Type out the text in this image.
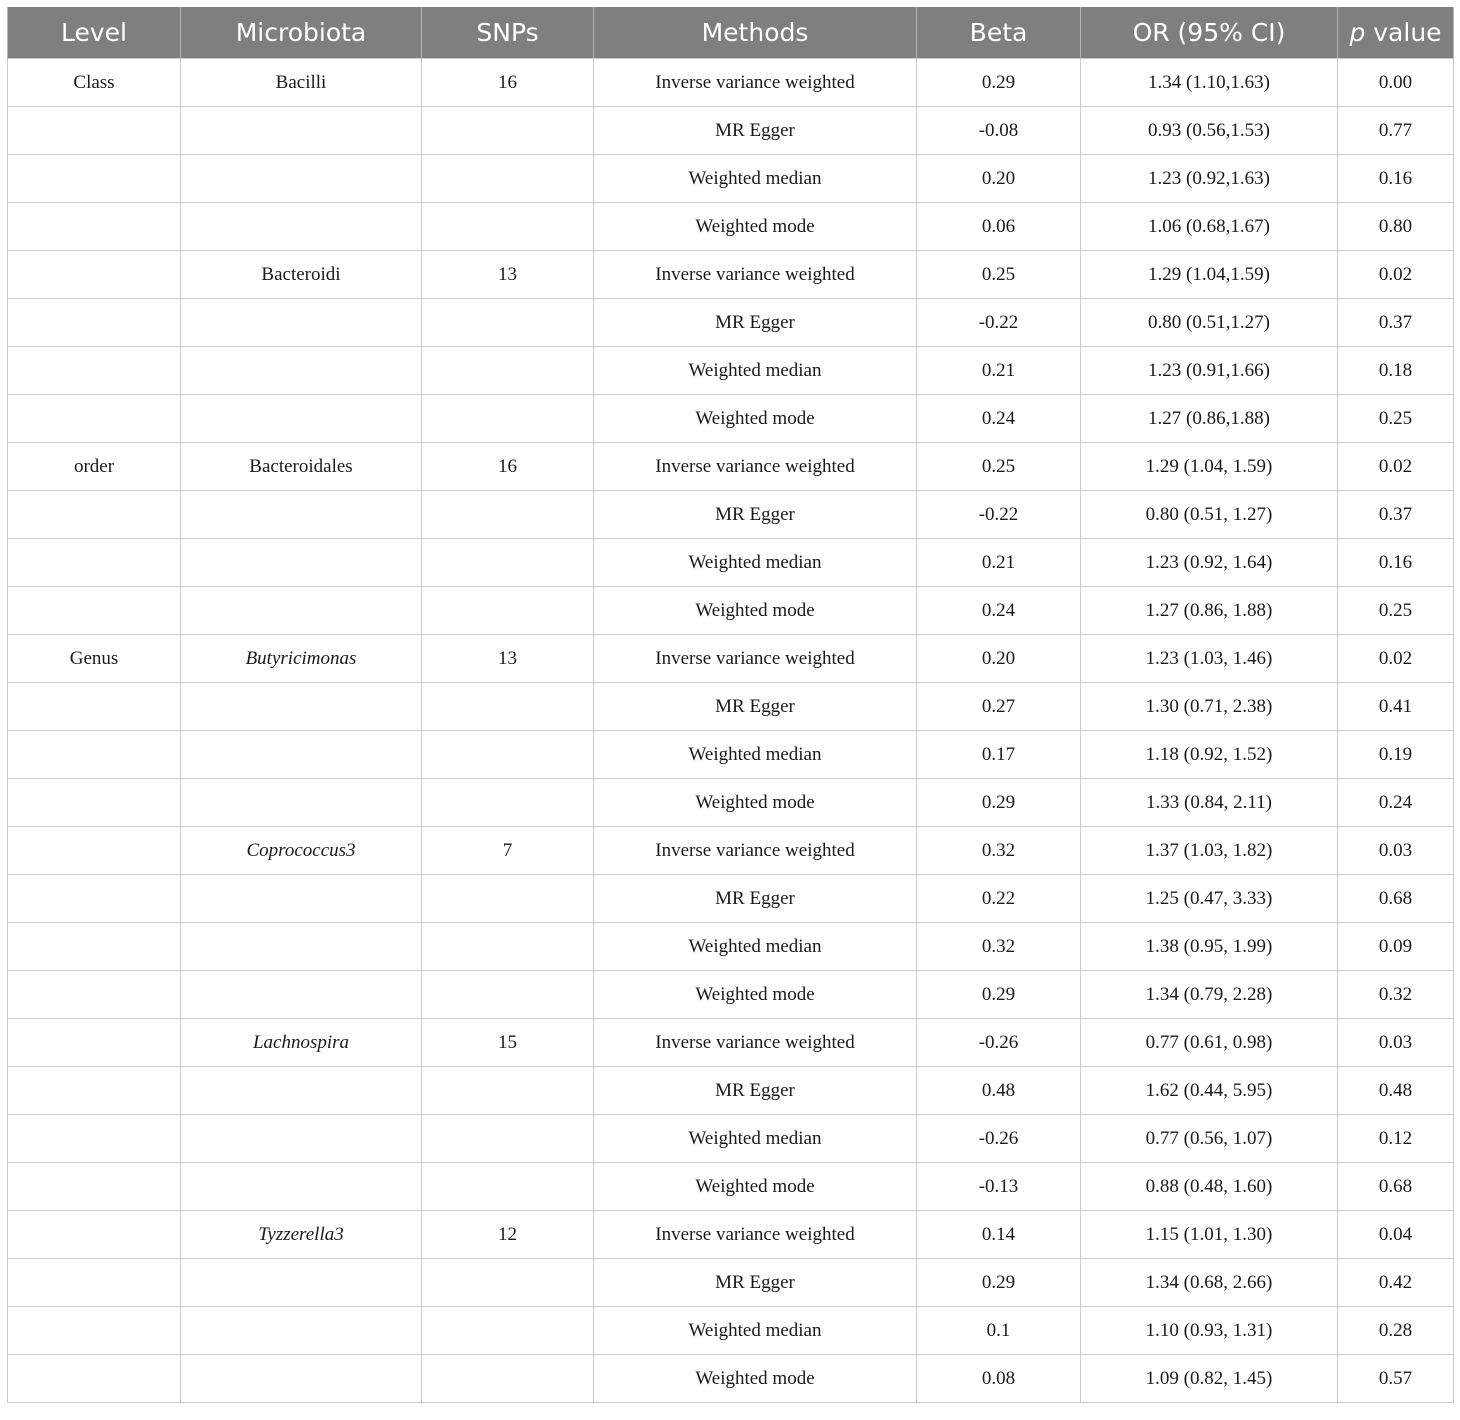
Level	Microbiota	SNPs	Methods	Beta	OR (95% CI)	p value
Class	Bacilli	16	Inverse variance weighted	0.29	1.34 (1.10,1.63)	0.00
			MR Egger	-0.08	0.93 (0.56,1.53)	0.77
			Weighted median	0.20	1.23 (0.92,1.63)	0.16
			Weighted mode	0.06	1.06 (0.68,1.67)	0.80
	Bacteroidi	13	Inverse variance weighted	0.25	1.29 (1.04,1.59)	0.02
			MR Egger	-0.22	0.80 (0.51,1.27)	0.37
			Weighted median	0.21	1.23 (0.91,1.66)	0.18
			Weighted mode	0.24	1.27 (0.86,1.88)	0.25
order	Bacteroidales	16	Inverse variance weighted	0.25	1.29 (1.04, 1.59)	0.02
			MR Egger	-0.22	0.80 (0.51, 1.27)	0.37
			Weighted median	0.21	1.23 (0.92, 1.64)	0.16
			Weighted mode	0.24	1.27 (0.86, 1.88)	0.25
Genus	Butyricimonas	13	Inverse variance weighted	0.20	1.23 (1.03, 1.46)	0.02
			MR Egger	0.27	1.30 (0.71, 2.38)	0.41
			Weighted median	0.17	1.18 (0.92, 1.52)	0.19
			Weighted mode	0.29	1.33 (0.84, 2.11)	0.24
	Coprococcus3	7	Inverse variance weighted	0.32	1.37 (1.03, 1.82)	0.03
			MR Egger	0.22	1.25 (0.47, 3.33)	0.68
			Weighted median	0.32	1.38 (0.95, 1.99)	0.09
			Weighted mode	0.29	1.34 (0.79, 2.28)	0.32
	Lachnospira	15	Inverse variance weighted	-0.26	0.77 (0.61, 0.98)	0.03
			MR Egger	0.48	1.62 (0.44, 5.95)	0.48
			Weighted median	-0.26	0.77 (0.56, 1.07)	0.12
			Weighted mode	-0.13	0.88 (0.48, 1.60)	0.68
	Tyzzerella3	12	Inverse variance weighted	0.14	1.15 (1.01, 1.30)	0.04
			MR Egger	0.29	1.34 (0.68, 2.66)	0.42
			Weighted median	0.1	1.10 (0.93, 1.31)	0.28
			Weighted mode	0.08	1.09 (0.82, 1.45)	0.57
